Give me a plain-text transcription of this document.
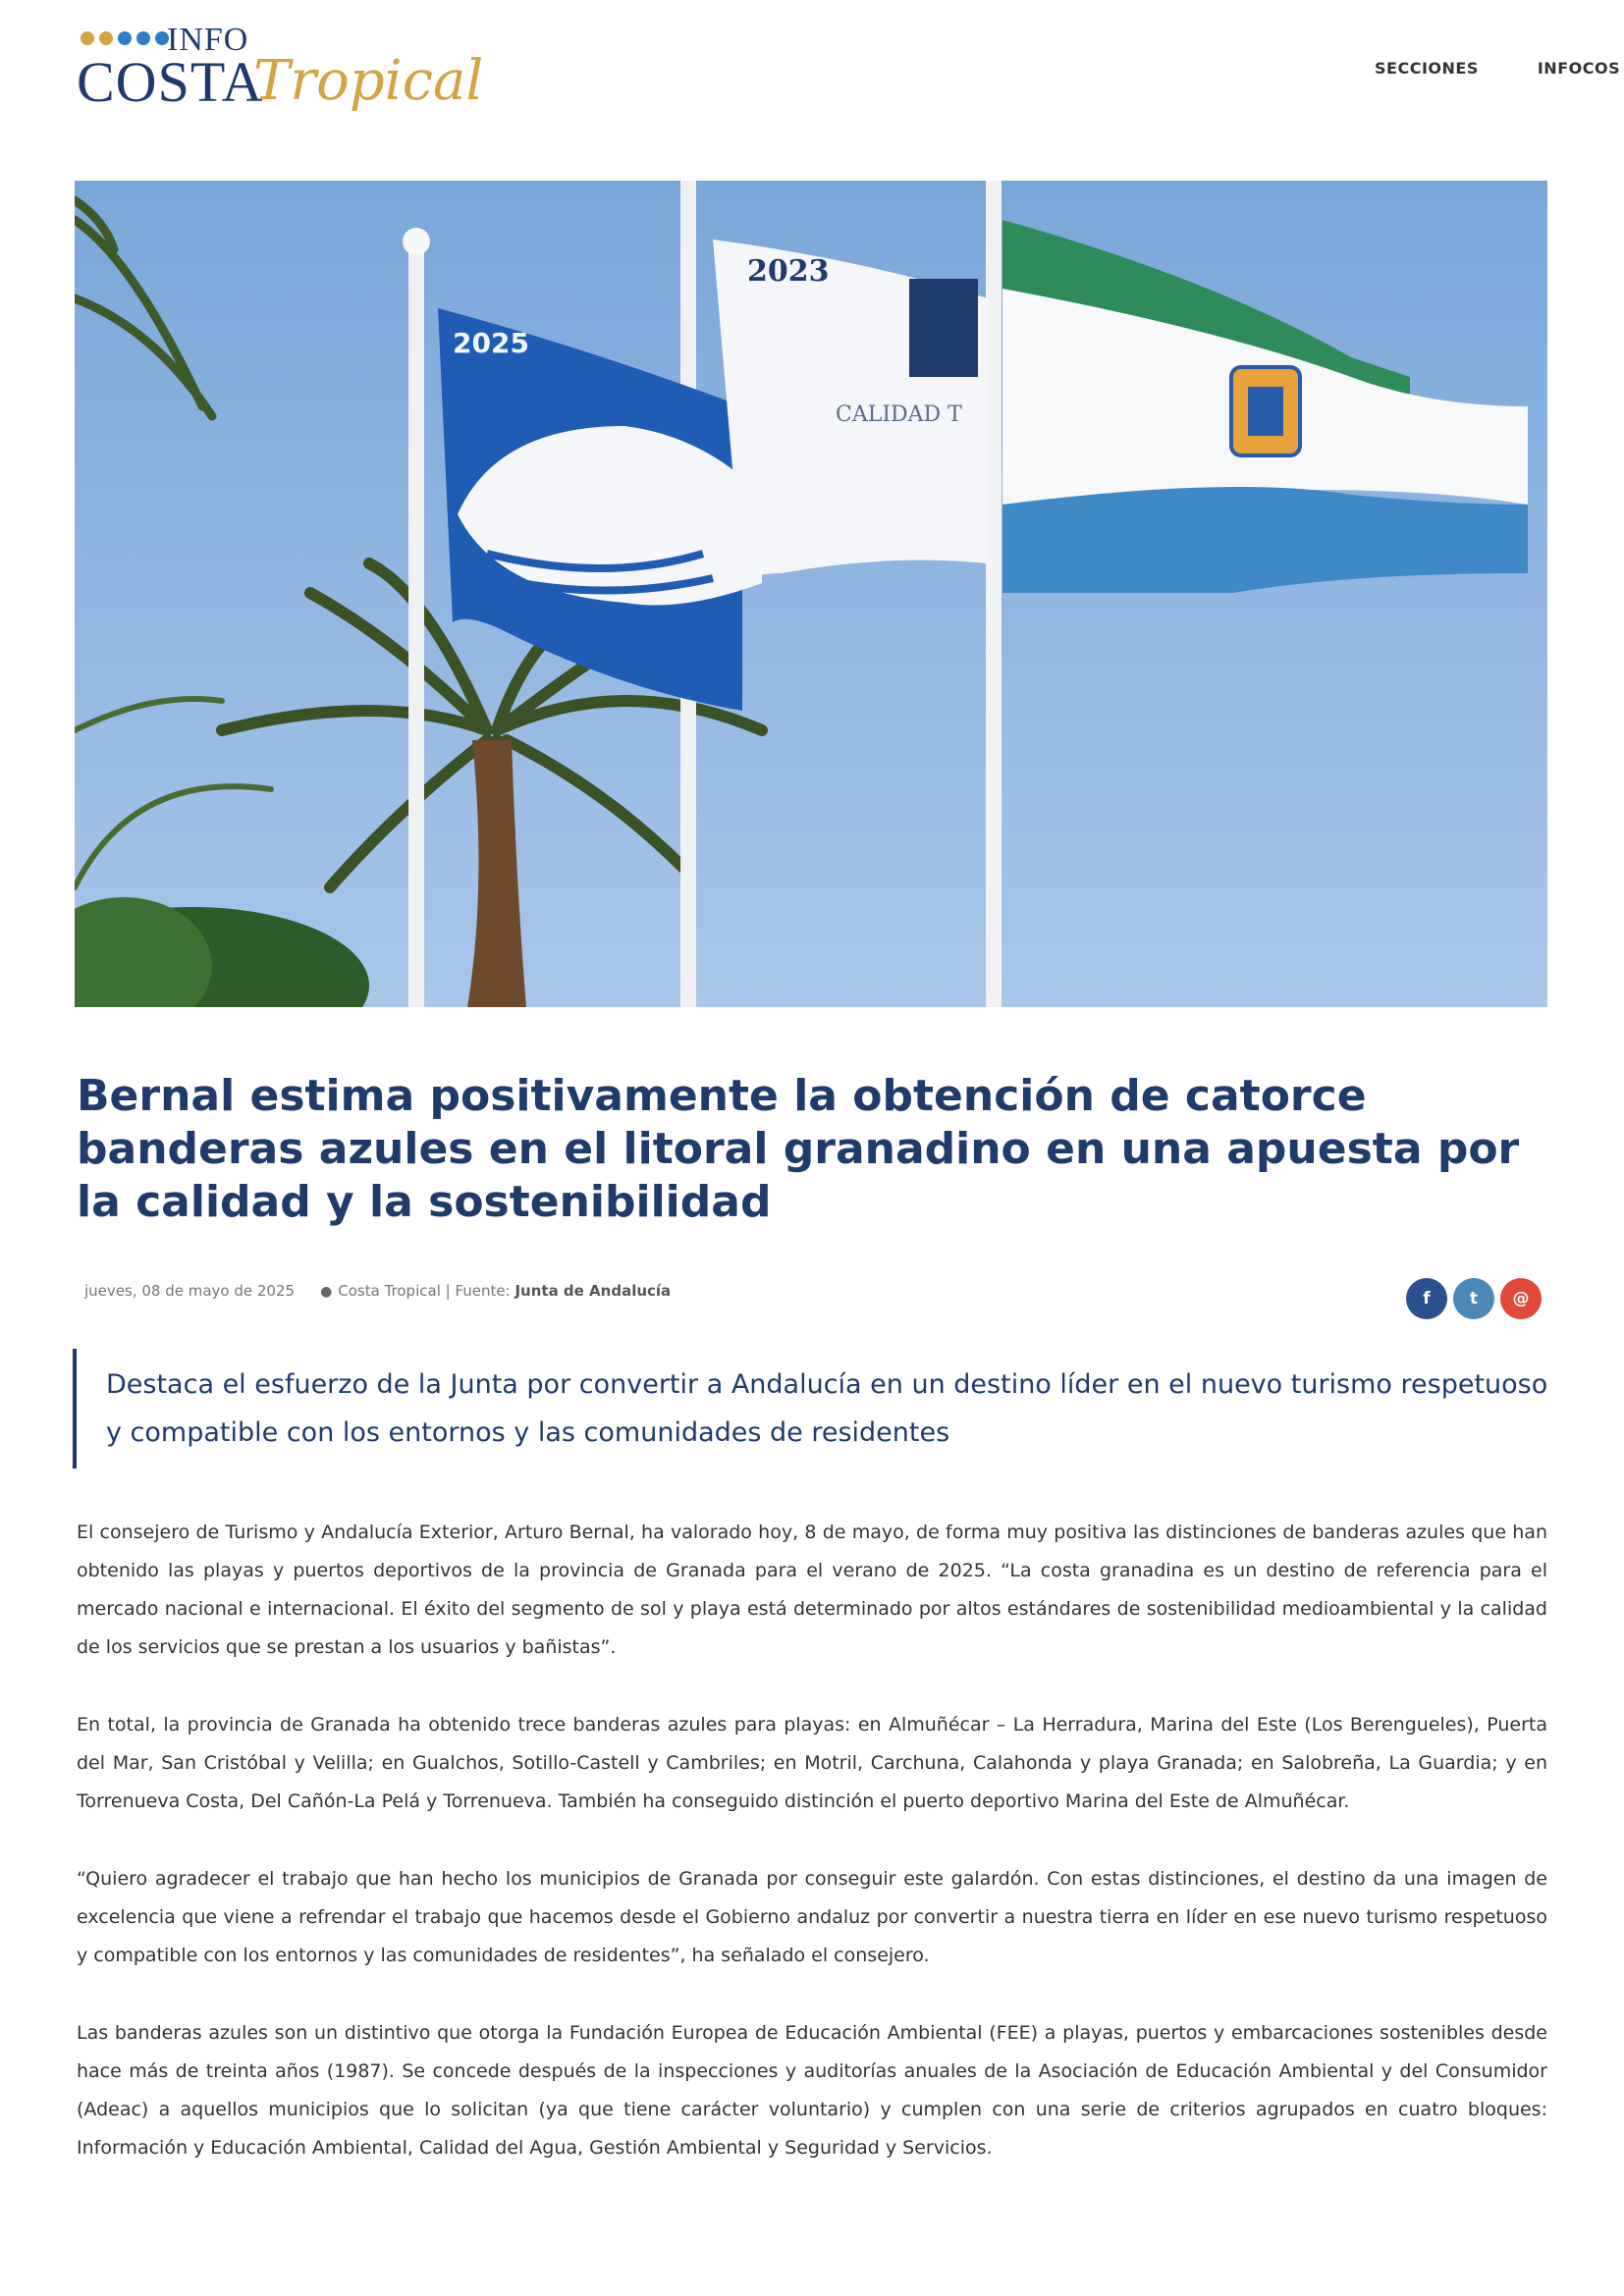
INFO
COSTA
Tropical	SECCIONES	INFOCOS
2025
2023
CALIDAD T
Bernal estima positivamente la obtención de catorce banderas azules en el litoral granadino en una apuesta por la calidad y la sostenibilidad
jueves, 08 de mayo de 2025 ● Costa Tropical | Fuente: Junta de Andalucía	f	t	@
Destaca el esfuerzo de la Junta por convertir a Andalucía en un destino líder en el nuevo turismo respetuoso y compatible con los entornos y las comunidades de residentes

El consejero de Turismo y Andalucía Exterior, Arturo Bernal, ha valorado hoy, 8 de mayo, de forma muy positiva las distinciones de banderas azules que han obtenido las playas y puertos deportivos de la provincia de Granada para el verano de 2025. “La costa granadina es un destino de referencia para el mercado nacional e internacional. El éxito del segmento de sol y playa está determinado por altos estándares de sostenibilidad medioambiental y la calidad de los servicios que se prestan a los usuarios y bañistas”.

En total, la provincia de Granada ha obtenido trece banderas azules para playas: en Almuñécar – La Herradura, Marina del Este (Los Berengueles), Puerta del Mar, San Cristóbal y Velilla; en Gualchos, Sotillo-Castell y Cambriles; en Motril, Carchuna, Calahonda y playa Granada; en Salobreña, La Guardia; y en Torrenueva Costa, Del Cañón-La Pelá y Torrenueva. También ha conseguido distinción el puerto deportivo Marina del Este de Almuñécar.

“Quiero agradecer el trabajo que han hecho los municipios de Granada por conseguir este galardón. Con estas distinciones, el destino da una imagen de excelencia que viene a refrendar el trabajo que hacemos desde el Gobierno andaluz por convertir a nuestra tierra en líder en ese nuevo turismo respetuoso y compatible con los entornos y las comunidades de residentes”, ha señalado el consejero.

Las banderas azules son un distintivo que otorga la Fundación Europea de Educación Ambiental (FEE) a playas, puertos y embarcaciones sostenibles desde hace más de treinta años (1987). Se concede después de la inspecciones y auditorías anuales de la Asociación de Educación Ambiental y del Consumidor (Adeac) a aquellos municipios que lo solicitan (ya que tiene carácter voluntario) y cumplen con una serie de criterios agrupados en cuatro bloques: Información y Educación Ambiental, Calidad del Agua, Gestión Ambiental y Seguridad y Servicios.
